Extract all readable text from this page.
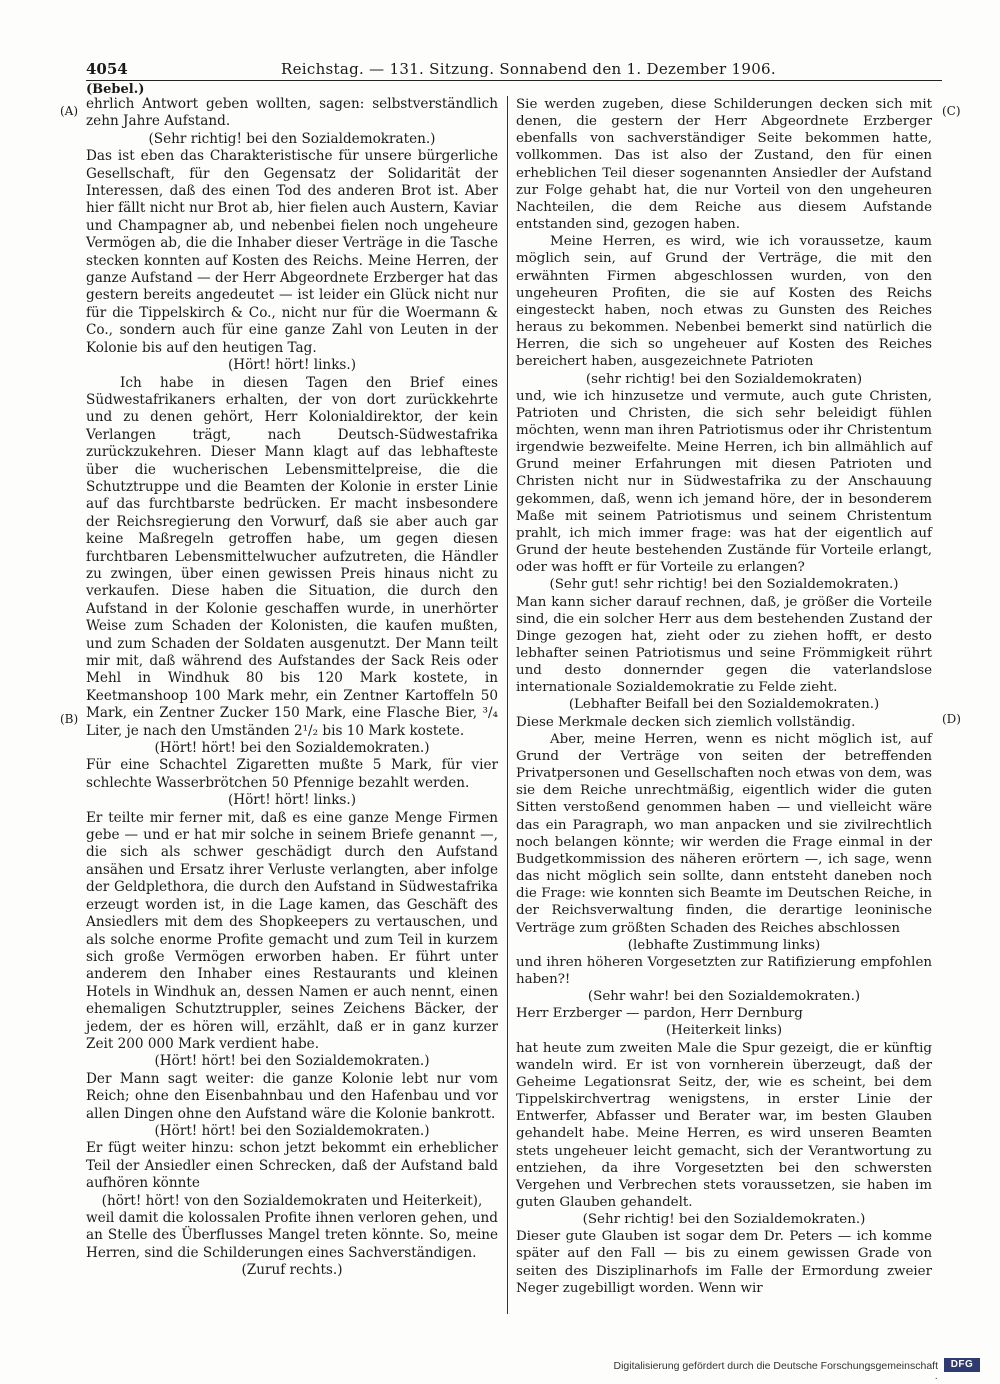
4054	Reichstag. — 131. Sitzung. Sonnabend den 1. Dezember 1906.
(Bebel.)
(A)
(B)
(C)
(D)

ehrlich Antwort geben wollten, sagen: selbstverständlich zehn Jahre Aufstand.

(Sehr richtig! bei den Sozialdemokraten.)

Das ist eben das Charakteristische für unsere bürgerliche Gesellschaft, für den Gegensatz der Solidarität der Interessen, daß des einen Tod des anderen Brot ist. Aber hier fällt nicht nur Brot ab, hier fielen auch Austern, Kaviar und Champagner ab, und nebenbei fielen noch ungeheure Vermögen ab, die die Inhaber dieser Verträge in die Tasche stecken konnten auf Kosten des Reichs. Meine Herren, der ganze Aufstand — der Herr Abgeordnete Erzberger hat das gestern bereits angedeutet — ist leider ein Glück nicht nur für die Tippelskirch & Co., nicht nur für die Woermann & Co., sondern auch für eine ganze Zahl von Leuten in der Kolonie bis auf den heutigen Tag.

(Hört! hört! links.)

Ich habe in diesen Tagen den Brief eines Südwestafrikaners erhalten, der von dort zurückkehrte und zu denen gehört, Herr Kolonialdirektor, der kein Verlangen trägt, nach Deutsch-Südwestafrika zurückzukehren. Dieser Mann klagt auf das lebhafteste über die wucherischen Lebensmittelpreise, die die Schutztruppe und die Beamten der Kolonie in erster Linie auf das furchtbarste bedrücken. Er macht insbesondere der Reichsregierung den Vorwurf, daß sie aber auch gar keine Maßregeln getroffen habe, um gegen diesen furchtbaren Lebensmittelwucher aufzutreten, die Händler zu zwingen, über einen gewissen Preis hinaus nicht zu verkaufen. Diese haben die Situation, die durch den Aufstand in der Kolonie geschaffen wurde, in unerhörter Weise zum Schaden der Kolonisten, die kaufen mußten, und zum Schaden der Soldaten ausgenutzt. Der Mann teilt mir mit, daß während des Aufstandes der Sack Reis oder Mehl in Windhuk 80 bis 120 Mark kostete, in Keetmanshoop 100 Mark mehr, ein Zentner Kartoffeln 50 Mark, ein Zentner Zucker 150 Mark, eine Flasche Bier, ³/₄ Liter, je nach den Umständen 2¹/₂ bis 10 Mark kostete.

(Hört! hört! bei den Sozialdemokraten.)

Für eine Schachtel Zigaretten mußte 5 Mark, für vier schlechte Wasserbrötchen 50 Pfennige bezahlt werden.

(Hört! hört! links.)

Er teilte mir ferner mit, daß es eine ganze Menge Firmen gebe — und er hat mir solche in seinem Briefe genannt —, die sich als schwer geschädigt durch den Aufstand ansähen und Ersatz ihrer Verluste verlangten, aber infolge der Geldplethora, die durch den Aufstand in Südwestafrika erzeugt worden ist, in die Lage kamen, das Geschäft des Ansiedlers mit dem des Shopkeepers zu vertauschen, und als solche enorme Profite gemacht und zum Teil in kurzem sich große Vermögen erworben haben. Er führt unter anderem den Inhaber eines Restaurants und kleinen Hotels in Windhuk an, dessen Namen er auch nennt, einen ehemaligen Schutztruppler, seines Zeichens Bäcker, der jedem, der es hören will, erzählt, daß er in ganz kurzer Zeit 200 000 Mark verdient habe.

(Hört! hört! bei den Sozialdemokraten.)

Der Mann sagt weiter: die ganze Kolonie lebt nur vom Reich; ohne den Eisenbahnbau und den Hafenbau und vor allen Dingen ohne den Aufstand wäre die Kolonie bankrott.

(Hört! hört! bei den Sozialdemokraten.)

Er fügt weiter hinzu: schon jetzt bekommt ein erheblicher Teil der Ansiedler einen Schrecken, daß der Aufstand bald aufhören könnte

(hört! hört! von den Sozialdemokraten und Heiterkeit),

weil damit die kolossalen Profite ihnen verloren gehen, und an Stelle des Überflusses Mangel treten könnte. So, meine Herren, sind die Schilderungen eines Sachverständigen.

(Zuruf rechts.)

Sie werden zugeben, diese Schilderungen decken sich mit denen, die gestern der Herr Abgeordnete Erzberger ebenfalls von sachverständiger Seite bekommen hatte, vollkommen. Das ist also der Zustand, den für einen erheblichen Teil dieser sogenannten Ansiedler der Aufstand zur Folge gehabt hat, die nur Vorteil von den ungeheuren Nachteilen, die dem Reiche aus diesem Aufstande entstanden sind, gezogen haben.

Meine Herren, es wird, wie ich voraussetze, kaum möglich sein, auf Grund der Verträge, die mit den erwähnten Firmen abgeschlossen wurden, von den ungeheuren Profiten, die sie auf Kosten des Reichs eingesteckt haben, noch etwas zu Gunsten des Reiches heraus zu bekommen. Nebenbei bemerkt sind natürlich die Herren, die sich so ungeheuer auf Kosten des Reiches bereichert haben, ausgezeichnete Patrioten

(sehr richtig! bei den Sozialdemokraten)

und, wie ich hinzusetze und vermute, auch gute Christen, Patrioten und Christen, die sich sehr beleidigt fühlen möchten, wenn man ihren Patriotismus oder ihr Christentum irgendwie bezweifelte. Meine Herren, ich bin allmählich auf Grund meiner Erfahrungen mit diesen Patrioten und Christen nicht nur in Südwestafrika zu der Anschauung gekommen, daß, wenn ich jemand höre, der in besonderem Maße mit seinem Patriotismus und seinem Christentum prahlt, ich mich immer frage: was hat der eigentlich auf Grund der heute bestehenden Zustände für Vorteile erlangt, oder was hofft er für Vorteile zu erlangen?

(Sehr gut! sehr richtig! bei den Sozialdemokraten.)

Man kann sicher darauf rechnen, daß, je größer die Vorteile sind, die ein solcher Herr aus dem bestehenden Zustand der Dinge gezogen hat, zieht oder zu ziehen hofft, er desto lebhafter seinen Patriotismus und seine Frömmigkeit rührt und desto donnernder gegen die vaterlandslose internationale Sozialdemokratie zu Felde zieht.

(Lebhafter Beifall bei den Sozialdemokraten.)

Diese Merkmale decken sich ziemlich vollständig.

Aber, meine Herren, wenn es nicht möglich ist, auf Grund der Verträge von seiten der betreffenden Privatpersonen und Gesellschaften noch etwas von dem, was sie dem Reiche unrechtmäßig, eigentlich wider die guten Sitten verstoßend genommen haben — und vielleicht wäre das ein Paragraph, wo man anpacken und sie zivilrechtlich noch belangen könnte; wir werden die Frage einmal in der Budgetkommission des näheren erörtern —, ich sage, wenn das nicht möglich sein sollte, dann entsteht daneben noch die Frage: wie konnten sich Beamte im Deutschen Reiche, in der Reichsverwaltung finden, die derartige leoninische Verträge zum größten Schaden des Reiches abschlossen

(lebhafte Zustimmung links)

und ihren höheren Vorgesetzten zur Ratifizierung empfohlen haben?!

(Sehr wahr! bei den Sozialdemokraten.)

Herr Erzberger — pardon, Herr Dernburg

(Heiterkeit links)

hat heute zum zweiten Male die Spur gezeigt, die er künftig wandeln wird. Er ist von vornherein überzeugt, daß der Geheime Legationsrat Seitz, der, wie es scheint, bei dem Tippelskirchvertrag wenigstens, in erster Linie der Entwerfer, Abfasser und Berater war, im besten Glauben gehandelt habe. Meine Herren, es wird unseren Beamten stets ungeheuer leicht gemacht, sich der Verantwortung zu entziehen, da ihre Vorgesetzten bei den schwersten Vergehen und Verbrechen stets voraussetzen, sie haben im guten Glauben gehandelt.

(Sehr richtig! bei den Sozialdemokraten.)

Dieser gute Glauben ist sogar dem Dr. Peters — ich komme später auf den Fall — bis zu einem gewissen Grade von seiten des Disziplinarhofs im Falle der Ermordung zweier Neger zugebilligt worden. Wenn wir

Digitalisierung gefördert durch die Deutsche Forschungsgemeinschaft ·
DFG
